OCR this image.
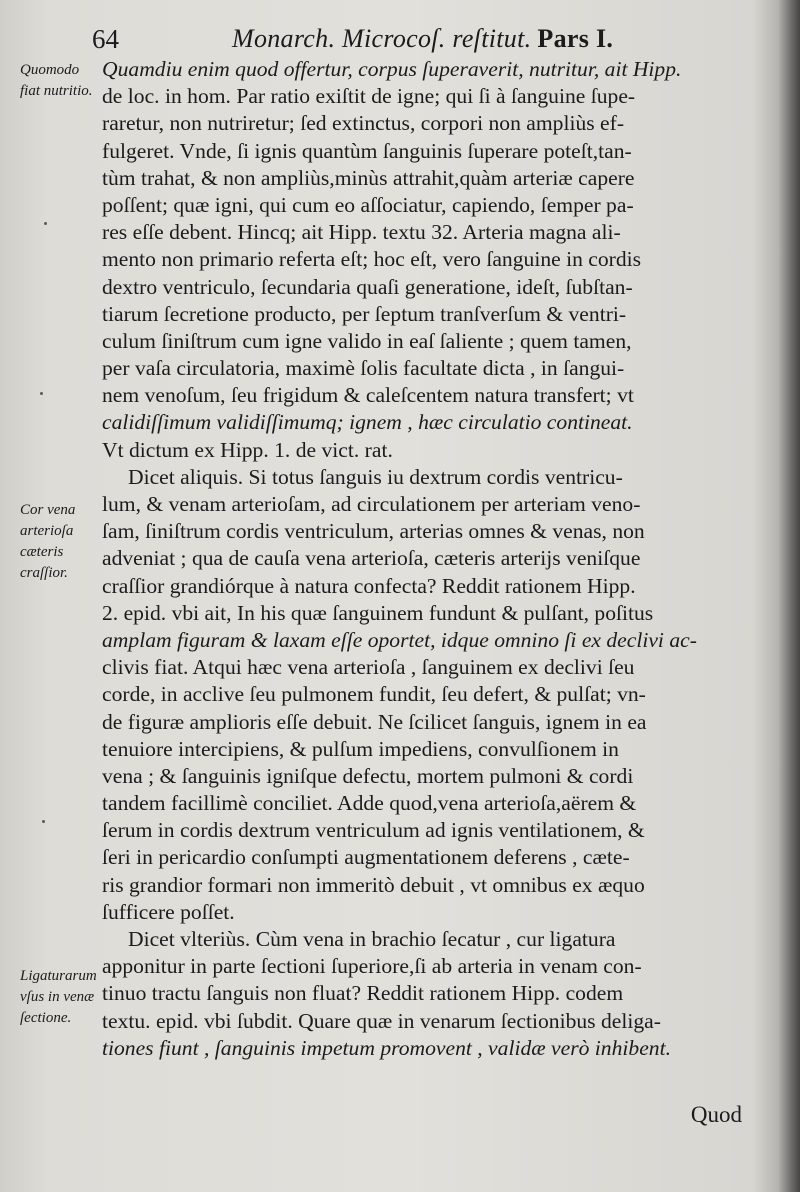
64	Monarch. Microcoſ. reſtitut. Pars I.
Quomodo fiat nutritio.
Cor vena arterioſa cæteris craſſior.
Ligaturarum vſus in venæ ſectione.
Quamdiu enim quod offertur, corpus ſuperaverit, nutritur, ait Hipp.
de loc. in hom. Par ratio exiſtit de igne; qui ſi à ſanguine ſupe-
raretur, non nutriretur; ſed extinctus, corpori non ampliùs ef-
fulgeret. Vnde, ſi ignis quantùm ſanguinis ſuperare poteſt,tan-
tùm trahat, & non ampliùs,minùs attrahit,quàm arteriæ capere
poſſent; quæ igni, qui cum eo aſſociatur, capiendo, ſemper pa-
res eſſe debent. Hincq; ait Hipp. textu 32. Arteria magna ali-
mento non primario referta eſt; hoc eſt, vero ſanguine in cordis
dextro ventriculo, ſecundaria quaſi generatione, ideſt, ſubſtan-
tiarum ſecretione producto, per ſeptum tranſverſum & ventri-
culum ſiniſtrum cum igne valido in eaſ ſaliente ; quem tamen,
per vaſa circulatoria, maximè ſolis facultate dicta , in ſangui-
nem venoſum, ſeu frigidum & caleſcentem natura transfert; vt
calidiſſimum validiſſimumq; ignem , hæc circulatio contineat.
Vt dictum ex Hipp. 1. de vict. rat.
Dicet aliquis. Si totus ſanguis iu dextrum cordis ventricu-
lum, & venam arterioſam, ad circulationem per arteriam veno-
ſam, ſiniſtrum cordis ventriculum, arterias omnes & venas, non
adveniat ; qua de cauſa vena arterioſa, cæteris arterijs veniſque
craſſior grandiórque à natura confecta? Reddit rationem Hipp.
2. epid. vbi ait, In his quæ ſanguinem fundunt & pulſant, poſitus
amplam figuram & laxam eſſe oportet, idque omnino ſi ex declivi ac-
clivis fiat. Atqui hæc vena arterioſa , ſanguinem ex declivi ſeu
corde, in acclive ſeu pulmonem fundit, ſeu defert, & pulſat; vn-
de figuræ amplioris eſſe debuit. Ne ſcilicet ſanguis, ignem in ea
tenuiore intercipiens, & pulſum impediens, convulſionem in
vena ; & ſanguinis igniſque defectu, mortem pulmoni & cordi
tandem facillimè conciliet. Adde quod,vena arterioſa,aërem &
ſerum in cordis dextrum ventriculum ad ignis ventilationem, &
ſeri in pericardio conſumpti augmentationem deferens , cæte-
ris grandior formari non immeritò debuit , vt omnibus ex æquo
ſufficere poſſet.
Dicet vlteriùs. Cùm vena in brachio ſecatur , cur ligatura
apponitur in parte ſectioni ſuperiore,ſi ab arteria in venam con-
tinuo tractu ſanguis non fluat? Reddit rationem Hipp. codem
textu. epid. vbi ſubdit. Quare quæ in venarum ſectionibus deliga-
tiones fiunt , ſanguinis impetum promovent , validæ verò inhibent.
Quod
